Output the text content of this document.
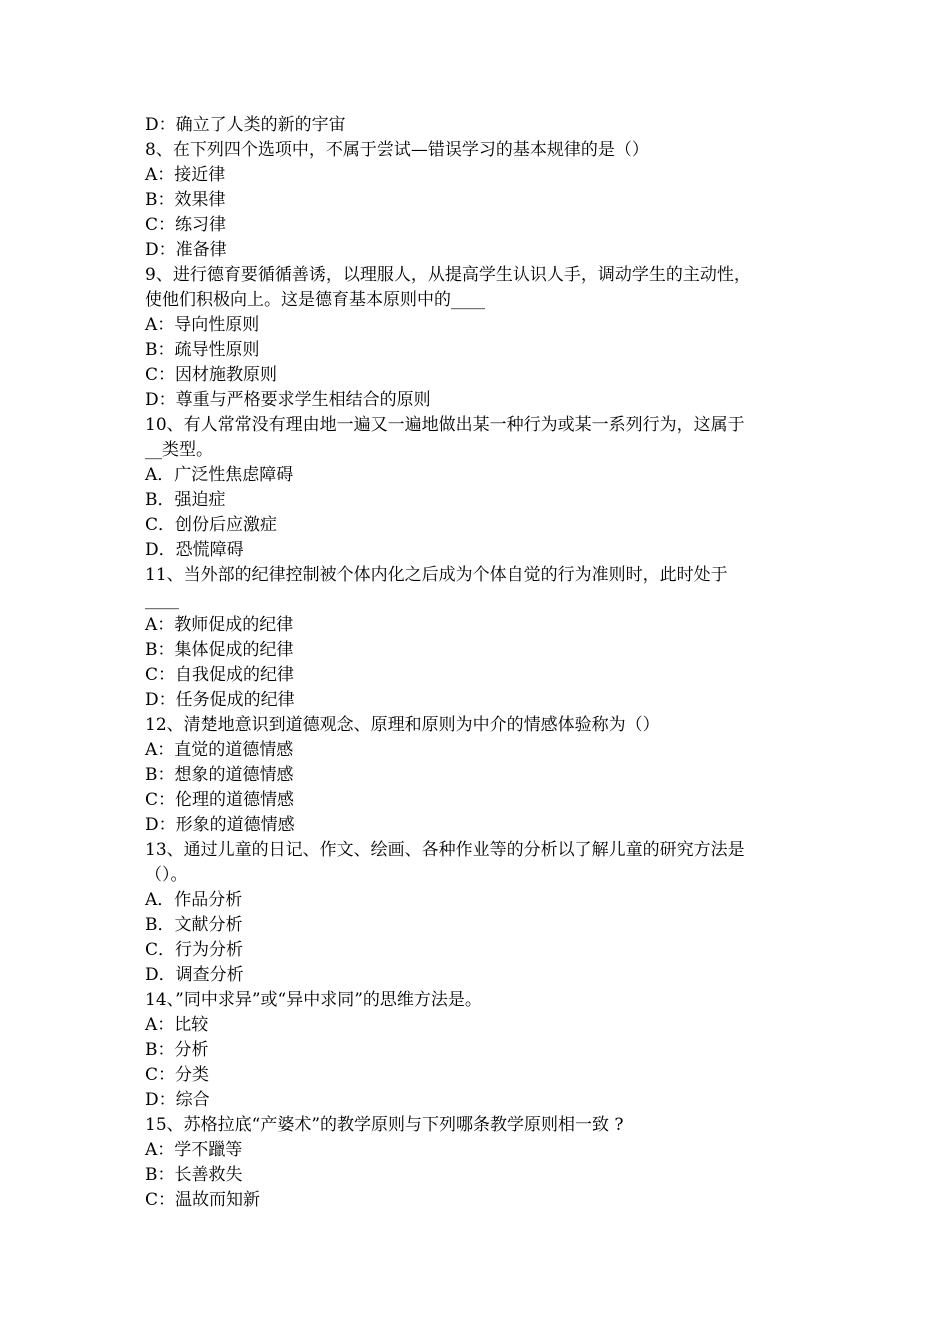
D：确立了人类的新的宇宙

8、在下列四个选项中，不属于尝试—错误学习的基本规律的是（）

A：接近律

B：效果律

C：练习律

D：准备律

9、进行德育要循循善诱，以理服人，从提高学生认识人手，调动学生的主动性，

使他们积极向上。这是德育基本原则中的____

A：导向性原则

B：疏导性原则

C：因材施教原则

D：尊重与严格要求学生相结合的原则

10、有人常常没有理由地一遍又一遍地做出某一种行为或某一系列行为，这属于

__类型。

A．广泛性焦虑障碍

B．强迫症

C．创份后应激症

D．恐慌障碍

11、当外部的纪律控制被个体内化之后成为个体自觉的行为准则时，此时处于

____

A：教师促成的纪律

B：集体促成的纪律

C：自我促成的纪律

D：任务促成的纪律

12、清楚地意识到道德观念、原理和原则为中介的情感体验称为（）

A：直觉的道德情感

B：想象的道德情感

C：伦理的道德情感

D：形象的道德情感

13、通过儿童的日记、作文、绘画、各种作业等的分析以了解儿童的研究方法是

（）。

A．作品分析

B．文献分析

C．行为分析

D．调查分析

14、”同中求异”或“异中求同”的思维方法是。

A：比较

B：分析

C：分类

D：综合

15、苏格拉底“产婆术”的教学原则与下列哪条教学原则相一致 ?

A：学不躐等

B：长善救失

C：温故而知新
